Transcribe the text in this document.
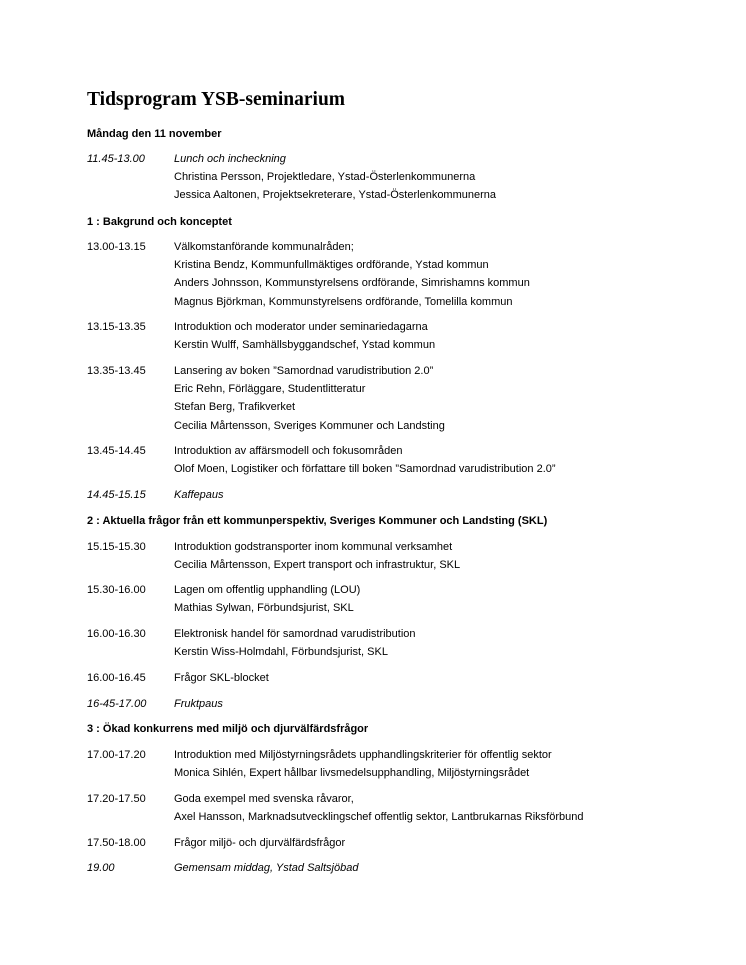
Tidsprogram YSB-seminarium
Måndag den 11 november
11.45-13.00	Lunch och incheckning
Christina Persson, Projektledare, Ystad-Österlenkommunerna
Jessica Aaltonen, Projektsekreterare, Ystad-Österlenkommunerna
1 : Bakgrund och konceptet
13.00-13.15	Välkomstanförande kommunalråden;
Kristina Bendz, Kommunfullmäktiges ordförande, Ystad kommun
Anders Johnsson, Kommunstyrelsens ordförande, Simrishamns kommun
Magnus Björkman, Kommunstyrelsens ordförande, Tomelilla kommun
13.15-13.35	Introduktion och moderator under seminariedagarna
Kerstin Wulff, Samhällsbyggandschef, Ystad kommun
13.35-13.45	Lansering av boken ”Samordnad varudistribution 2.0”
Eric Rehn, Förläggare, Studentlitteratur
Stefan Berg, Trafikverket
Cecilia Mårtensson, Sveriges Kommuner och Landsting
13.45-14.45	Introduktion av affärsmodell och fokusområden
Olof Moen, Logistiker och författare till boken ”Samordnad varudistribution 2.0”
14.45-15.15	Kaffepaus
2 : Aktuella frågor från ett kommunperspektiv, Sveriges Kommuner och Landsting (SKL)
15.15-15.30	Introduktion godstransporter inom kommunal verksamhet
Cecilia Mårtensson, Expert transport och infrastruktur, SKL
15.30-16.00	Lagen om offentlig upphandling (LOU)
Mathias Sylwan, Förbundsjurist, SKL
16.00-16.30	Elektronisk handel för samordnad varudistribution
Kerstin Wiss-Holmdahl, Förbundsjurist, SKL
16.00-16.45	Frågor SKL-blocket
16-45-17.00	Fruktpaus
3 : Ökad konkurrens med miljö och djurvälfärdsfrågor
17.00-17.20	Introduktion med Miljöstyrningsrådets upphandlingskriterier för offentlig sektor
Monica Sihlén, Expert hållbar livsmedelsupphandling, Miljöstyrningsrådet
17.20-17.50	Goda exempel med svenska råvaror,
Axel Hansson, Marknadsutvecklingschef offentlig sektor, Lantbrukarnas Riksförbund
17.50-18.00	Frågor miljö- och djurvälfärdsfrågor
19.00	Gemensam middag, Ystad Saltsjöbad
